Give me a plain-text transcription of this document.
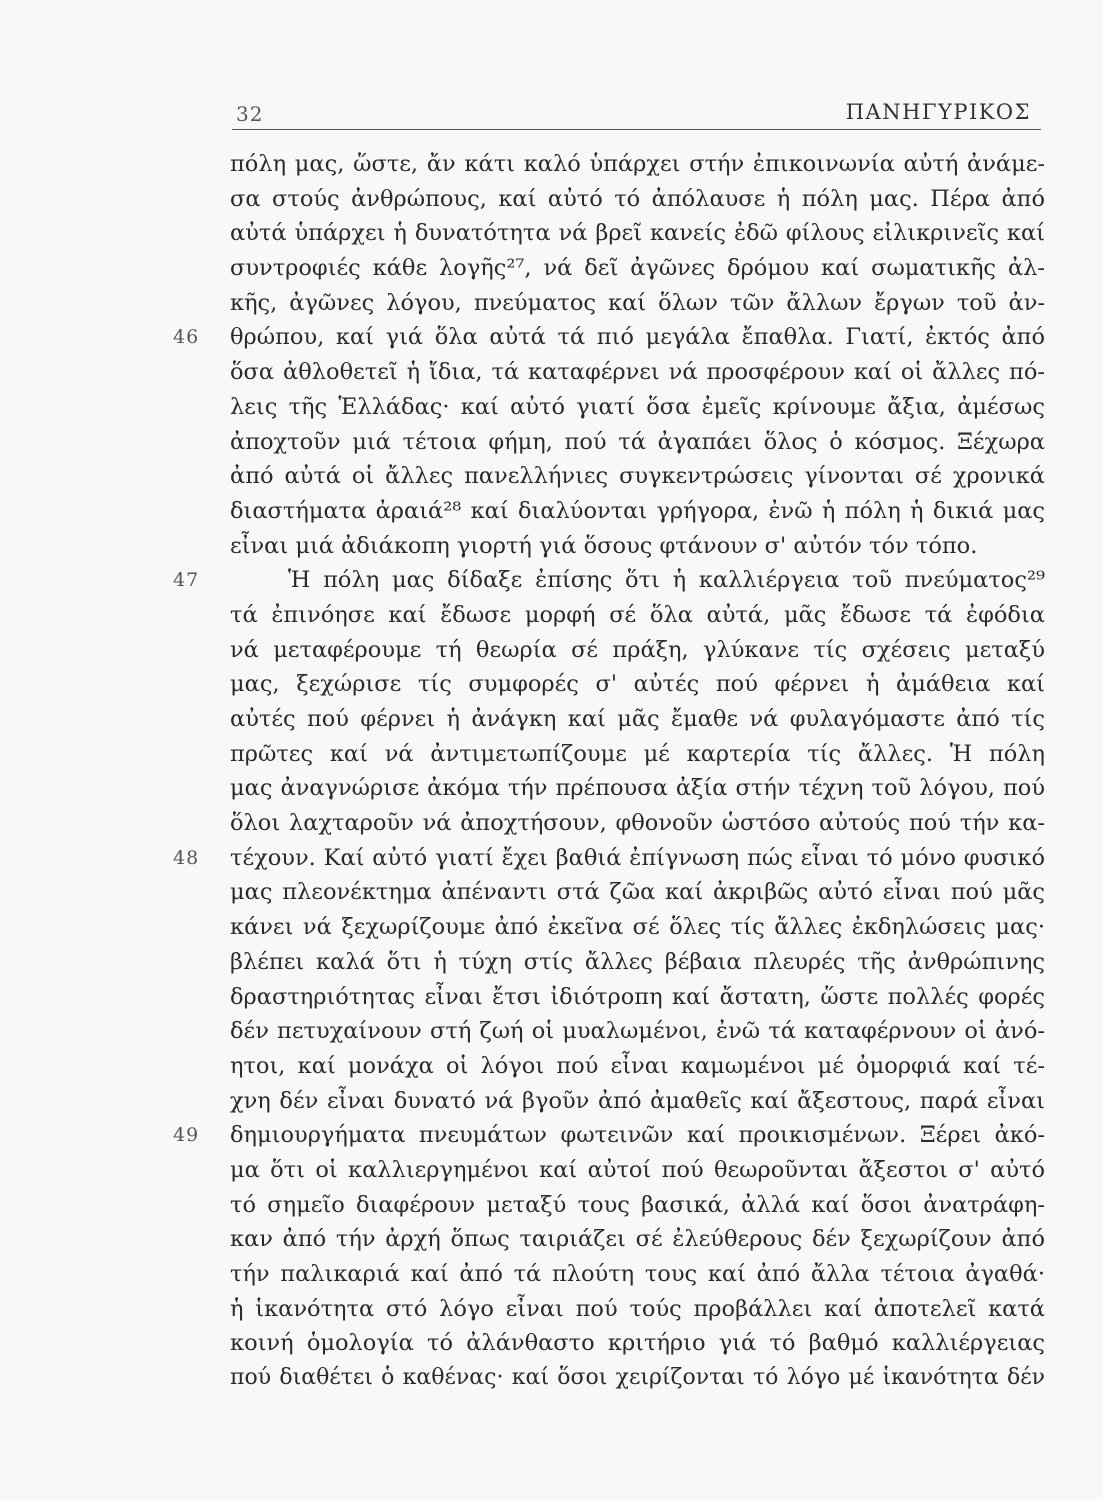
32	ΠΑΝΗΓΥΡΙΚΟΣ
πόλη μας, ὥστε, ἄν κάτι καλό ὑπάρχει στήν ἐπικοινωνία αὐτή ἀνάμε-
σα στούς ἀνθρώπους, καί αὐτό τό ἀπόλαυσε ἡ πόλη μας. Πέρα ἀπό
αὐτά ὑπάρχει ἡ δυνατότητα νά βρεῖ κανείς ἐδῶ φίλους εἰλικρινεῖς καί
συντροφιές κάθε λογῆς²⁷, νά δεῖ ἀγῶνες δρόμου καί σωματικῆς ἀλ-
κῆς, ἀγῶνες λόγου, πνεύματος καί ὅλων τῶν ἄλλων ἔργων τοῦ ἀν-
θρώπου, καί γιά ὅλα αὐτά τά πιό μεγάλα ἔπαθλα. Γιατί, ἐκτός ἀπό
46
ὅσα ἀθλοθετεῖ ἡ ἴδια, τά καταφέρνει νά προσφέρουν καί οἱ ἄλλες πό-
λεις τῆς Ἑλλάδας· καί αὐτό γιατί ὅσα ἐμεῖς κρίνουμε ἄξια, ἀμέσως
ἀποχτοῦν μιά τέτοια φήμη, πού τά ἀγαπάει ὅλος ὁ κόσμος. Ξέχωρα
ἀπό αὐτά οἱ ἄλλες πανελλήνιες συγκεντρώσεις γίνονται σέ χρονικά
διαστήματα ἀραιά²⁸ καί διαλύονται γρήγορα, ἐνῶ ἡ πόλη ἡ δικιά μας
εἶναι μιά ἀδιάκοπη γιορτή γιά ὅσους φτάνουν σ' αὐτόν τόν τόπο.
Ἡ πόλη μας δίδαξε ἐπίσης ὅτι ἡ καλλιέργεια τοῦ πνεύματος²⁹
47
τά ἐπινόησε καί ἔδωσε μορφή σέ ὅλα αὐτά, μᾶς ἔδωσε τά ἐφόδια
νά μεταφέρουμε τή θεωρία σέ πράξη, γλύκανε τίς σχέσεις μεταξύ
μας, ξεχώρισε τίς συμφορές σ' αὐτές πού φέρνει ἡ ἀμάθεια καί
αὐτές πού φέρνει ἡ ἀνάγκη καί μᾶς ἔμαθε νά φυλαγόμαστε ἀπό τίς
πρῶτες καί νά ἀντιμετωπίζουμε μέ καρτερία τίς ἄλλες. Ἡ πόλη
μας ἀναγνώρισε ἀκόμα τήν πρέπουσα ἀξία στήν τέχνη τοῦ λόγου, πού
ὅλοι λαχταροῦν νά ἀποχτήσουν, φθονοῦν ὡστόσο αὐτούς πού τήν κα-
τέχουν. Καί αὐτό γιατί ἔχει βαθιά ἐπίγνωση πώς εἶναι τό μόνο φυσικό
48
μας πλεονέκτημα ἀπέναντι στά ζῶα καί ἀκριβῶς αὐτό εἶναι πού μᾶς
κάνει νά ξεχωρίζουμε ἀπό ἐκεῖνα σέ ὅλες τίς ἄλλες ἐκδηλώσεις μας·
βλέπει καλά ὅτι ἡ τύχη στίς ἄλλες βέβαια πλευρές τῆς ἀνθρώπινης
δραστηριότητας εἶναι ἔτσι ἰδιότροπη καί ἄστατη, ὥστε πολλές φορές
δέν πετυχαίνουν στή ζωή οἱ μυαλωμένοι, ἐνῶ τά καταφέρνουν οἱ ἀνό-
ητοι, καί μονάχα οἱ λόγοι πού εἶναι καμωμένοι μέ ὀμορφιά καί τέ-
χνη δέν εἶναι δυνατό νά βγοῦν ἀπό ἀμαθεῖς καί ἄξεστους, παρά εἶναι
δημιουργήματα πνευμάτων φωτεινῶν καί προικισμένων. Ξέρει ἀκό-
49
μα ὅτι οἱ καλλιεργημένοι καί αὐτοί πού θεωροῦνται ἄξεστοι σ' αὐτό
τό σημεῖο διαφέρουν μεταξύ τους βασικά, ἀλλά καί ὅσοι ἀνατράφη-
καν ἀπό τήν ἀρχή ὅπως ταιριάζει σέ ἐλεύθερους δέν ξεχωρίζουν ἀπό
τήν παλικαριά καί ἀπό τά πλούτη τους καί ἀπό ἄλλα τέτοια ἀγαθά·
ἡ ἱκανότητα στό λόγο εἶναι πού τούς προβάλλει καί ἀποτελεῖ κατά
κοινή ὁμολογία τό ἀλάνθαστο κριτήριο γιά τό βαθμό καλλιέργειας
πού διαθέτει ὁ καθένας· καί ὅσοι χειρίζονται τό λόγο μέ ἱκανότητα δέν
